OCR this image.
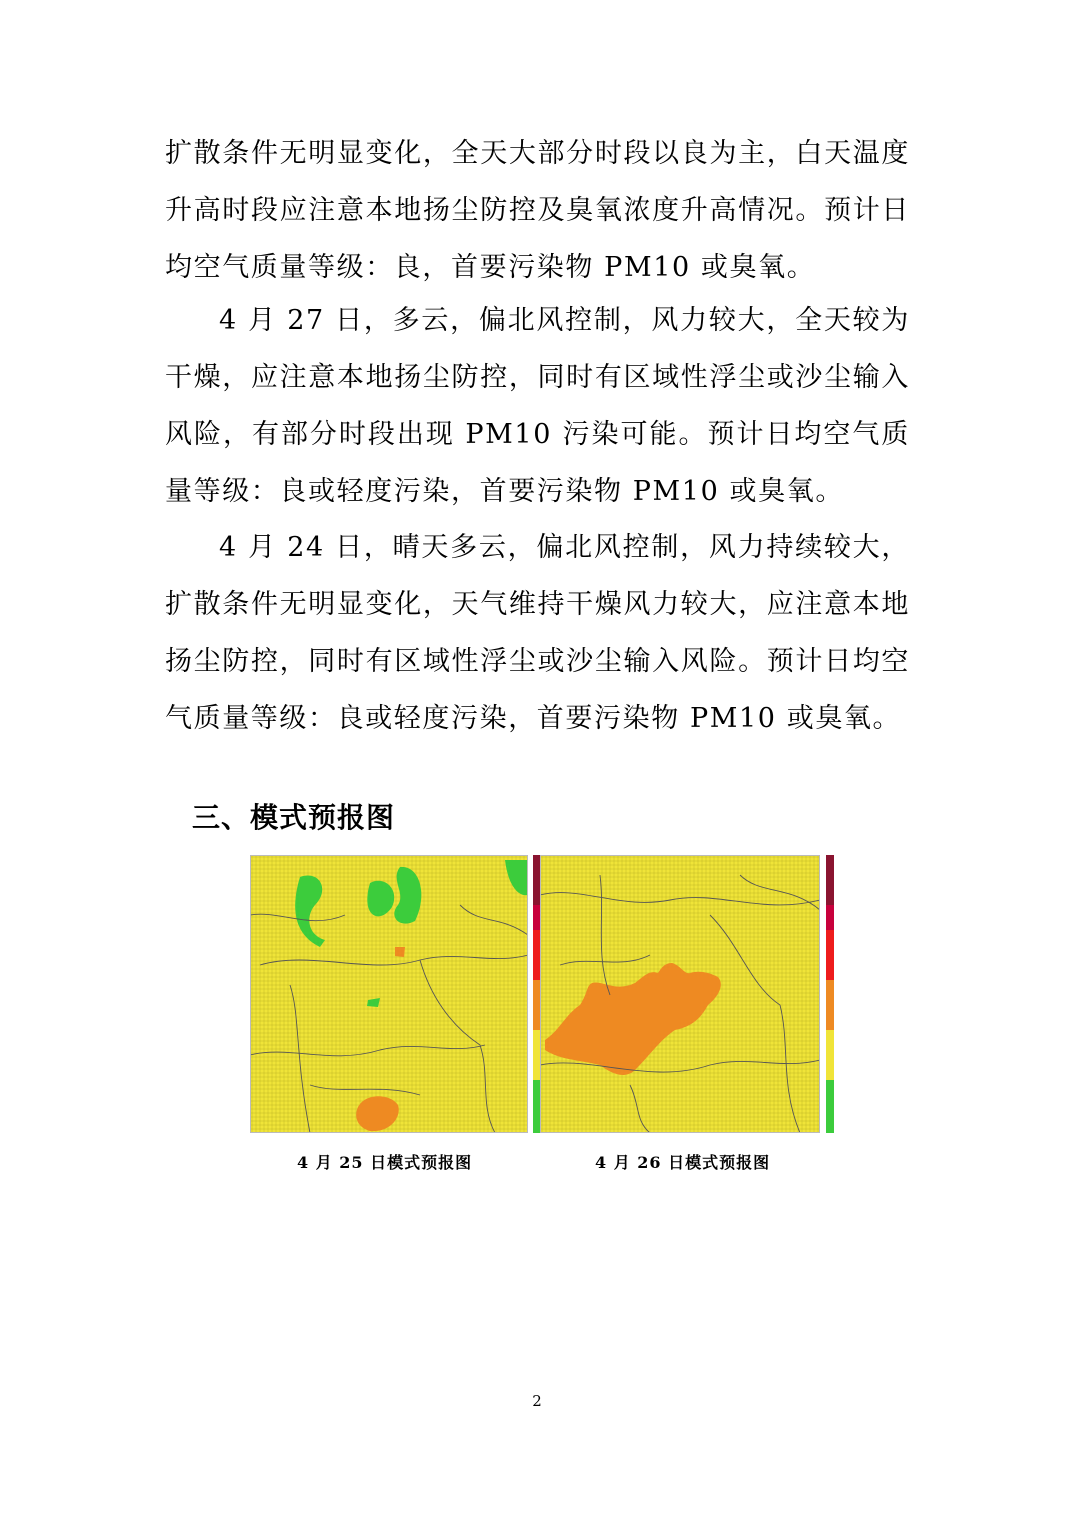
扩散条件无明显变化，全天大部分时段以良为主，白天温度升高时段应注意本地扬尘防控及臭氧浓度升高情况。预计日均空气质量等级：良，首要污染物 PM10 或臭氧。

4 月 27 日，多云，偏北风控制，风力较大，全天较为干燥，应注意本地扬尘防控，同时有区域性浮尘或沙尘输入风险，有部分时段出现 PM10 污染可能。预计日均空气质量等级：良或轻度污染，首要污染物 PM10 或臭氧。

4 月 24 日，晴天多云，偏北风控制，风力持续较大，扩散条件无明显变化，天气维持干燥风力较大，应注意本地扬尘防控，同时有区域性浮尘或沙尘输入风险。预计日均空气质量等级：良或轻度污染，首要污染物 PM10 或臭氧。

三、模式预报图
4 月 25 日模式预报图	4 月 26 日模式预报图
2
